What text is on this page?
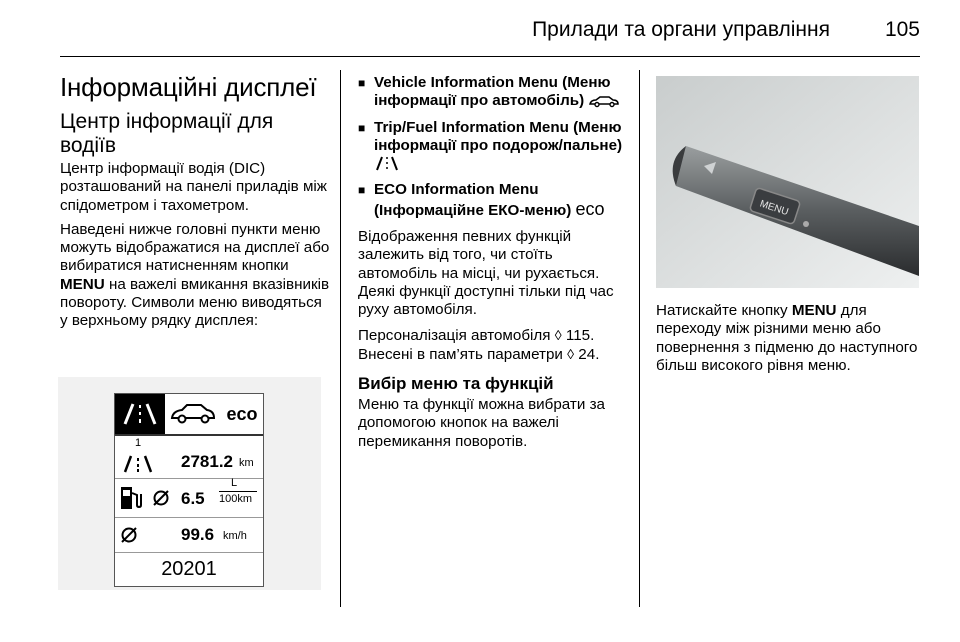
Прилади та органи управління	105
Інформаційні дисплеї
Центр інформації для водіїв

Центр інформації водія (DIC) розташований на панелі приладів між спідометром і тахометром.

Наведені нижче головні пункти меню можуть відображатися на дисплеї або вибиратися натисненням кнопки MENU на важелі вмикання вказівників повороту. Символи меню виводяться у верхньому рядку дисплея:

eco
1
2781.2 km
6.5
L
100km
99.6 km/h
20201
■ Vehicle Information Menu (Меню інформації про автомобіль)
■ Trip/Fuel Information Menu (Меню інформації про подорож/пальне)
■ ECO Information Menu (Інформаційне ЕКО-меню) eco

Відображення певних функцій залежить від того, чи стоїть автомобіль на місці, чи рухається. Деякі функції доступні тільки під час руху автомобіля.

Персоналізація автомобіля ◊ 115.
Внесені в пам’ять параметри ◊ 24.

Вибір меню та функцій

Меню та функції можна вибрати за допомогою кнопок на важелі перемикання поворотів.

MENU

Натискайте кнопку MENU для переходу між різними меню або повернення з підменю до наступного більш високого рівня меню.
